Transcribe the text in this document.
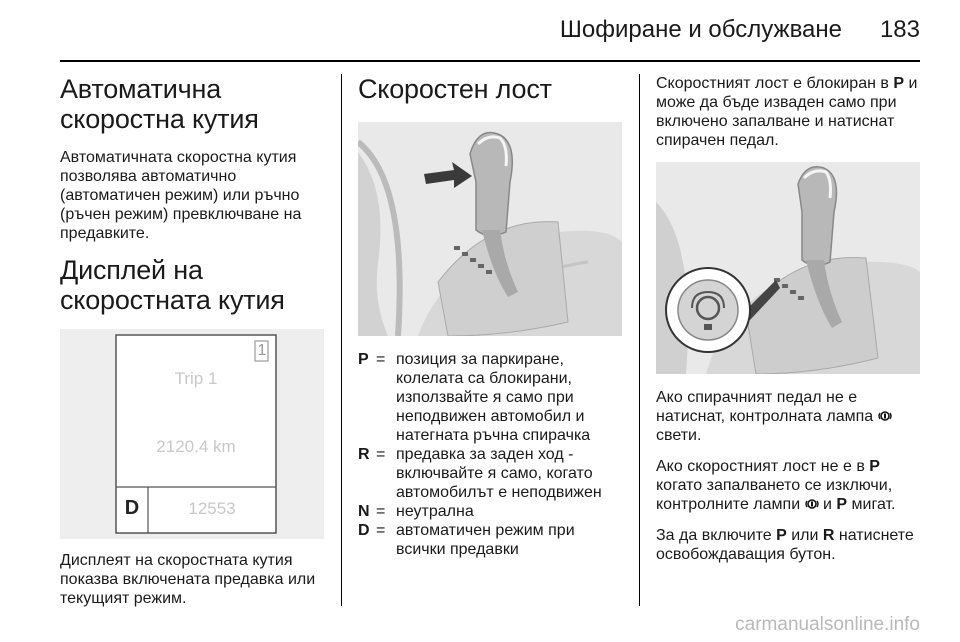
Шофиране и обслужване 183
Автоматична скоростна кутия

Автоматичната скоростна кутия позволява автоматично (автоматичен режим) или ръчно (ръчен режим) превключване на предавките.

Дисплей на скоростната кутия
1
Trip 1
2120.4 km
D	12553

Дисплеят на скоростната кутия показва включената предавка или текущият режим.

Скоростен лост
P = позиция за паркиране, колелата са блокирани, използвайте я само при неподвижен автомобил и натегната ръчна спирачка
R = предавка за заден ход - включвайте я само, когато автомобилът е неподвижен
N = неутрална
D = автоматичен режим при всички предавки

Скоростният лост е блокиран в P и може да бъде изваден само при включено запалване и натиснат спирачен педал.

Ако спирачният педал не е натиснат, контролната лампа  свети.

Ако скоростният лост не е в P когато запалването се изключи, контролните лампи  и P мигат.

За да включите P или R натиснете освобождаващия бутон.

carmanualsonline.info
